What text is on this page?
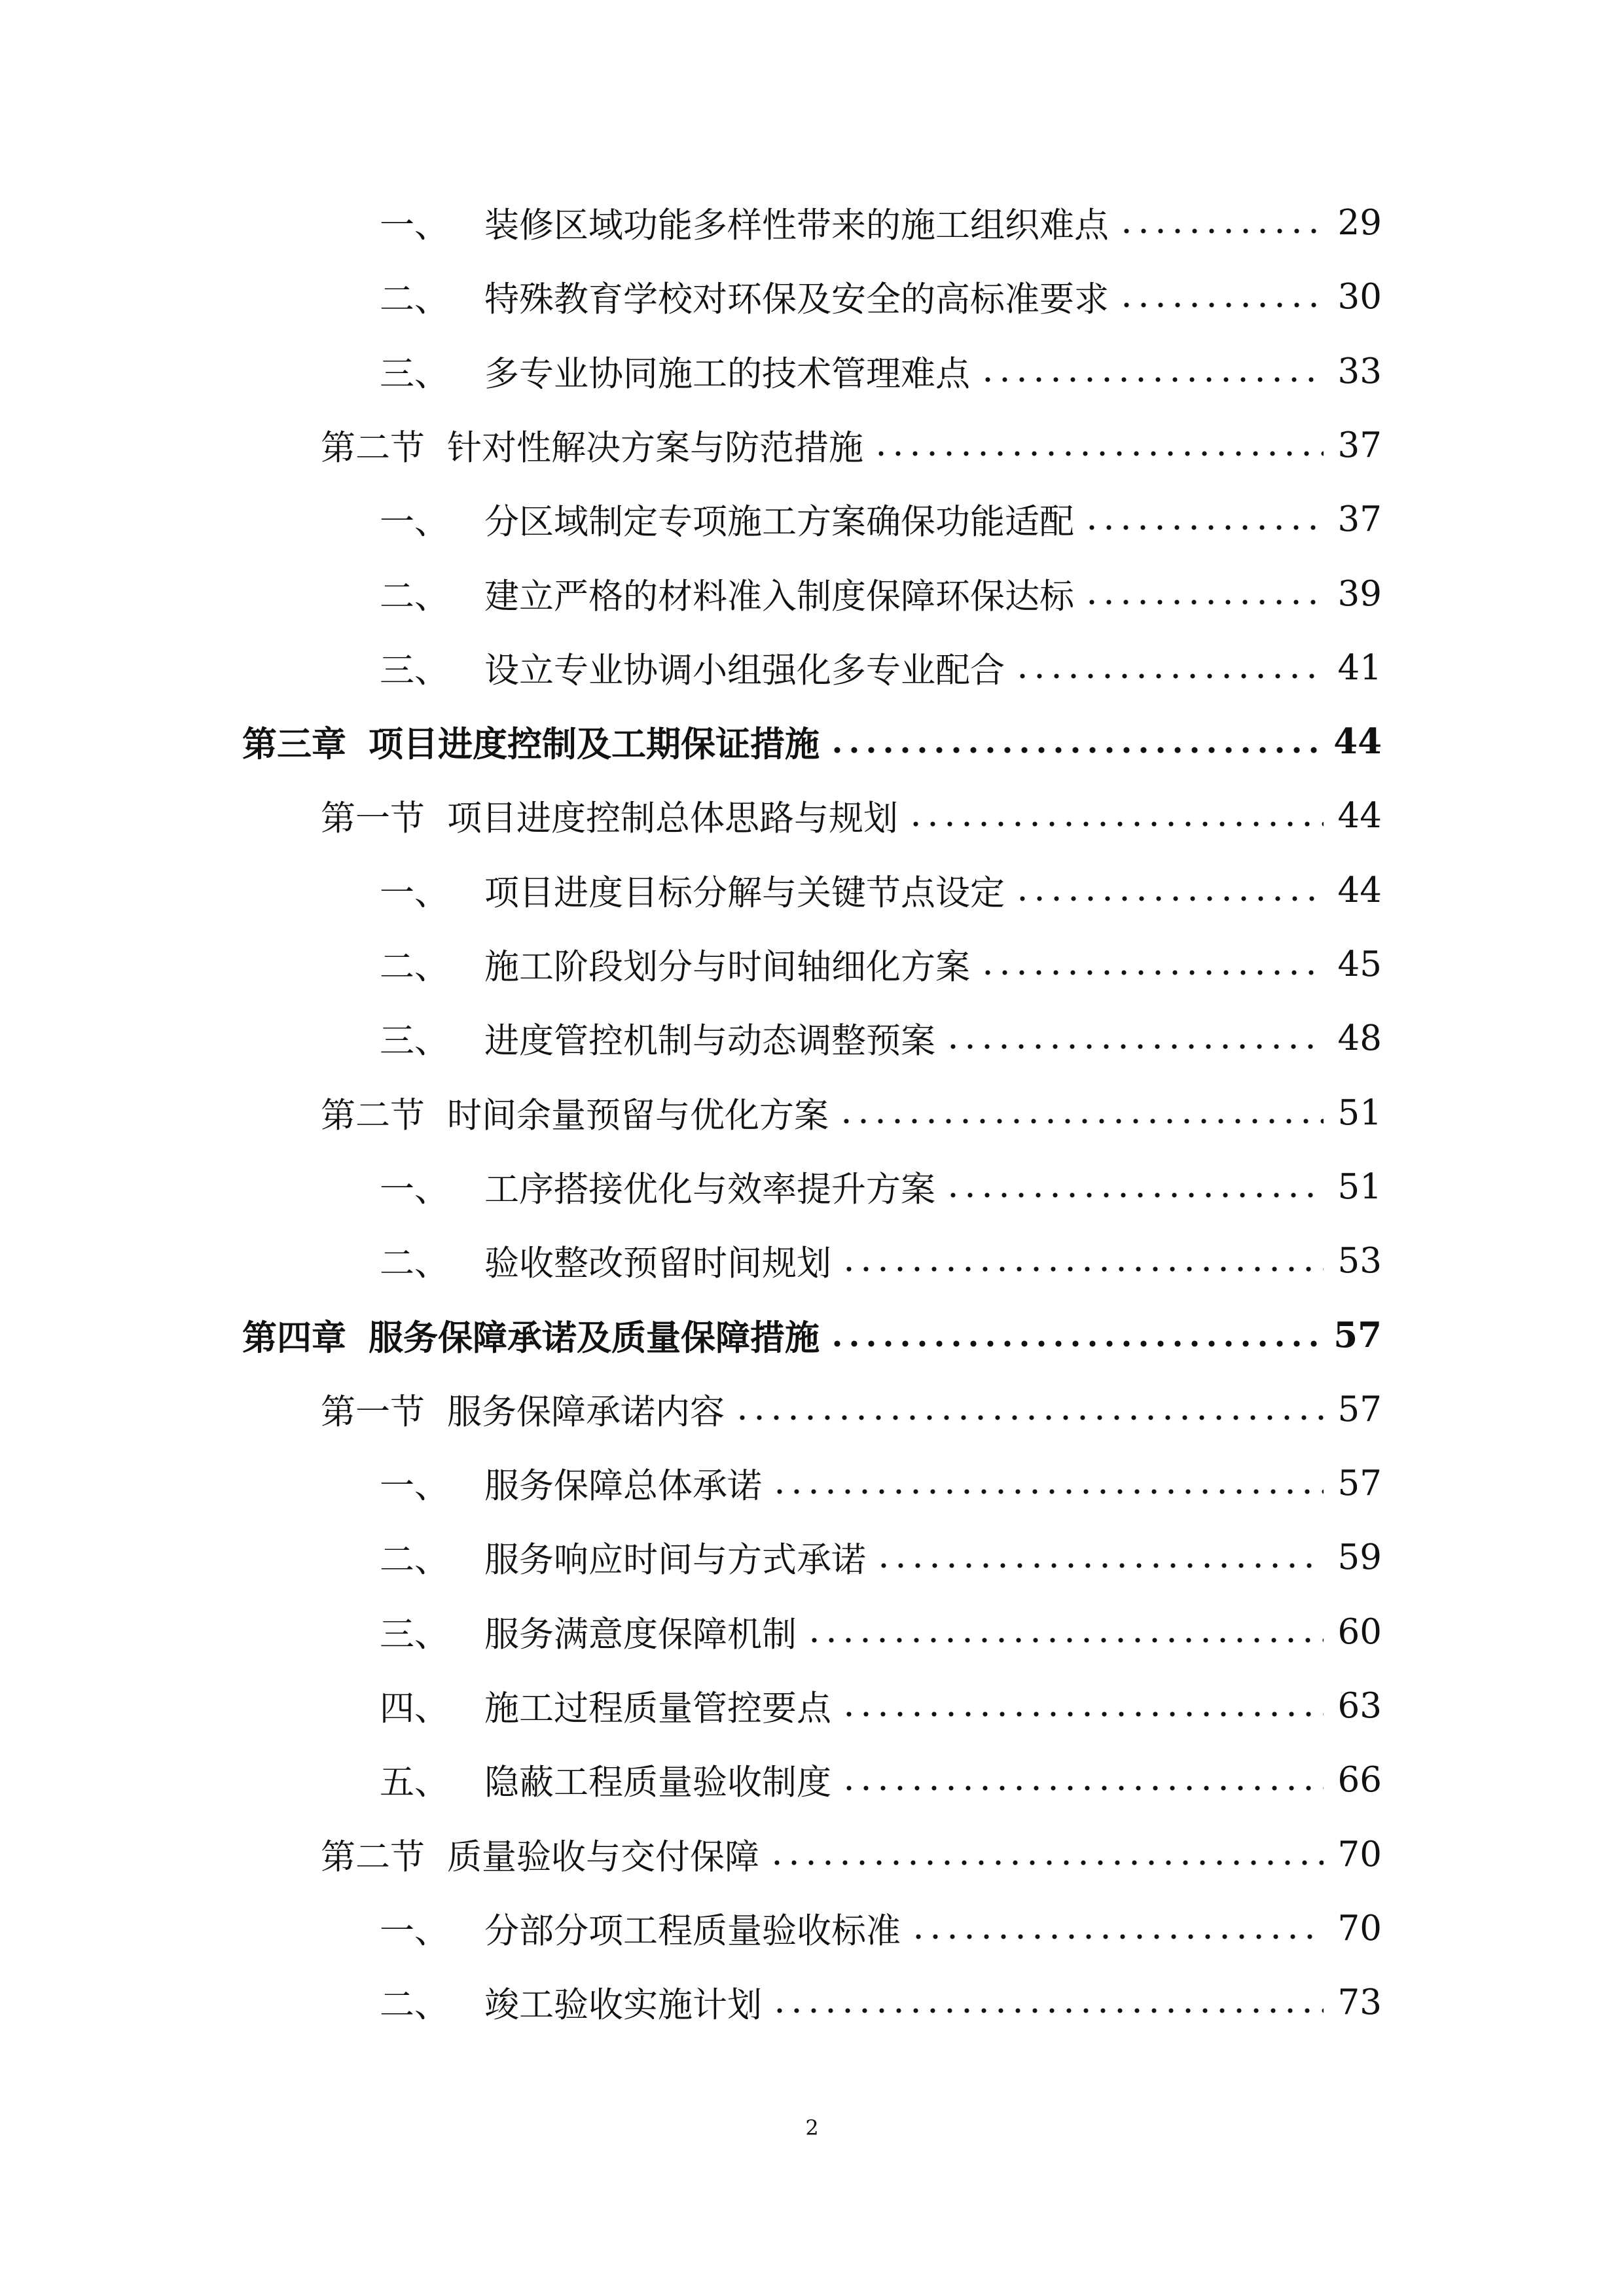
一、 装修区域功能多样性带来的施工组织难点	29
二、 特殊教育学校对环保及安全的高标准要求	30
三、 多专业协同施工的技术管理难点	33
第二节 针对性解决方案与防范措施	37
一、 分区域制定专项施工方案确保功能适配	37
二、 建立严格的材料准入制度保障环保达标	39
三、 设立专业协调小组强化多专业配合	41
第三章 项目进度控制及工期保证措施	44
第一节 项目进度控制总体思路与规划	44
一、 项目进度目标分解与关键节点设定	44
二、 施工阶段划分与时间轴细化方案	45
三、 进度管控机制与动态调整预案	48
第二节 时间余量预留与优化方案	51
一、 工序搭接优化与效率提升方案	51
二、 验收整改预留时间规划	53
第四章 服务保障承诺及质量保障措施	57
第一节 服务保障承诺内容	57
一、 服务保障总体承诺	57
二、 服务响应时间与方式承诺	59
三、 服务满意度保障机制	60
四、 施工过程质量管控要点	63
五、 隐蔽工程质量验收制度	66
第二节 质量验收与交付保障	70
一、 分部分项工程质量验收标准	70
二、 竣工验收实施计划	73
2
